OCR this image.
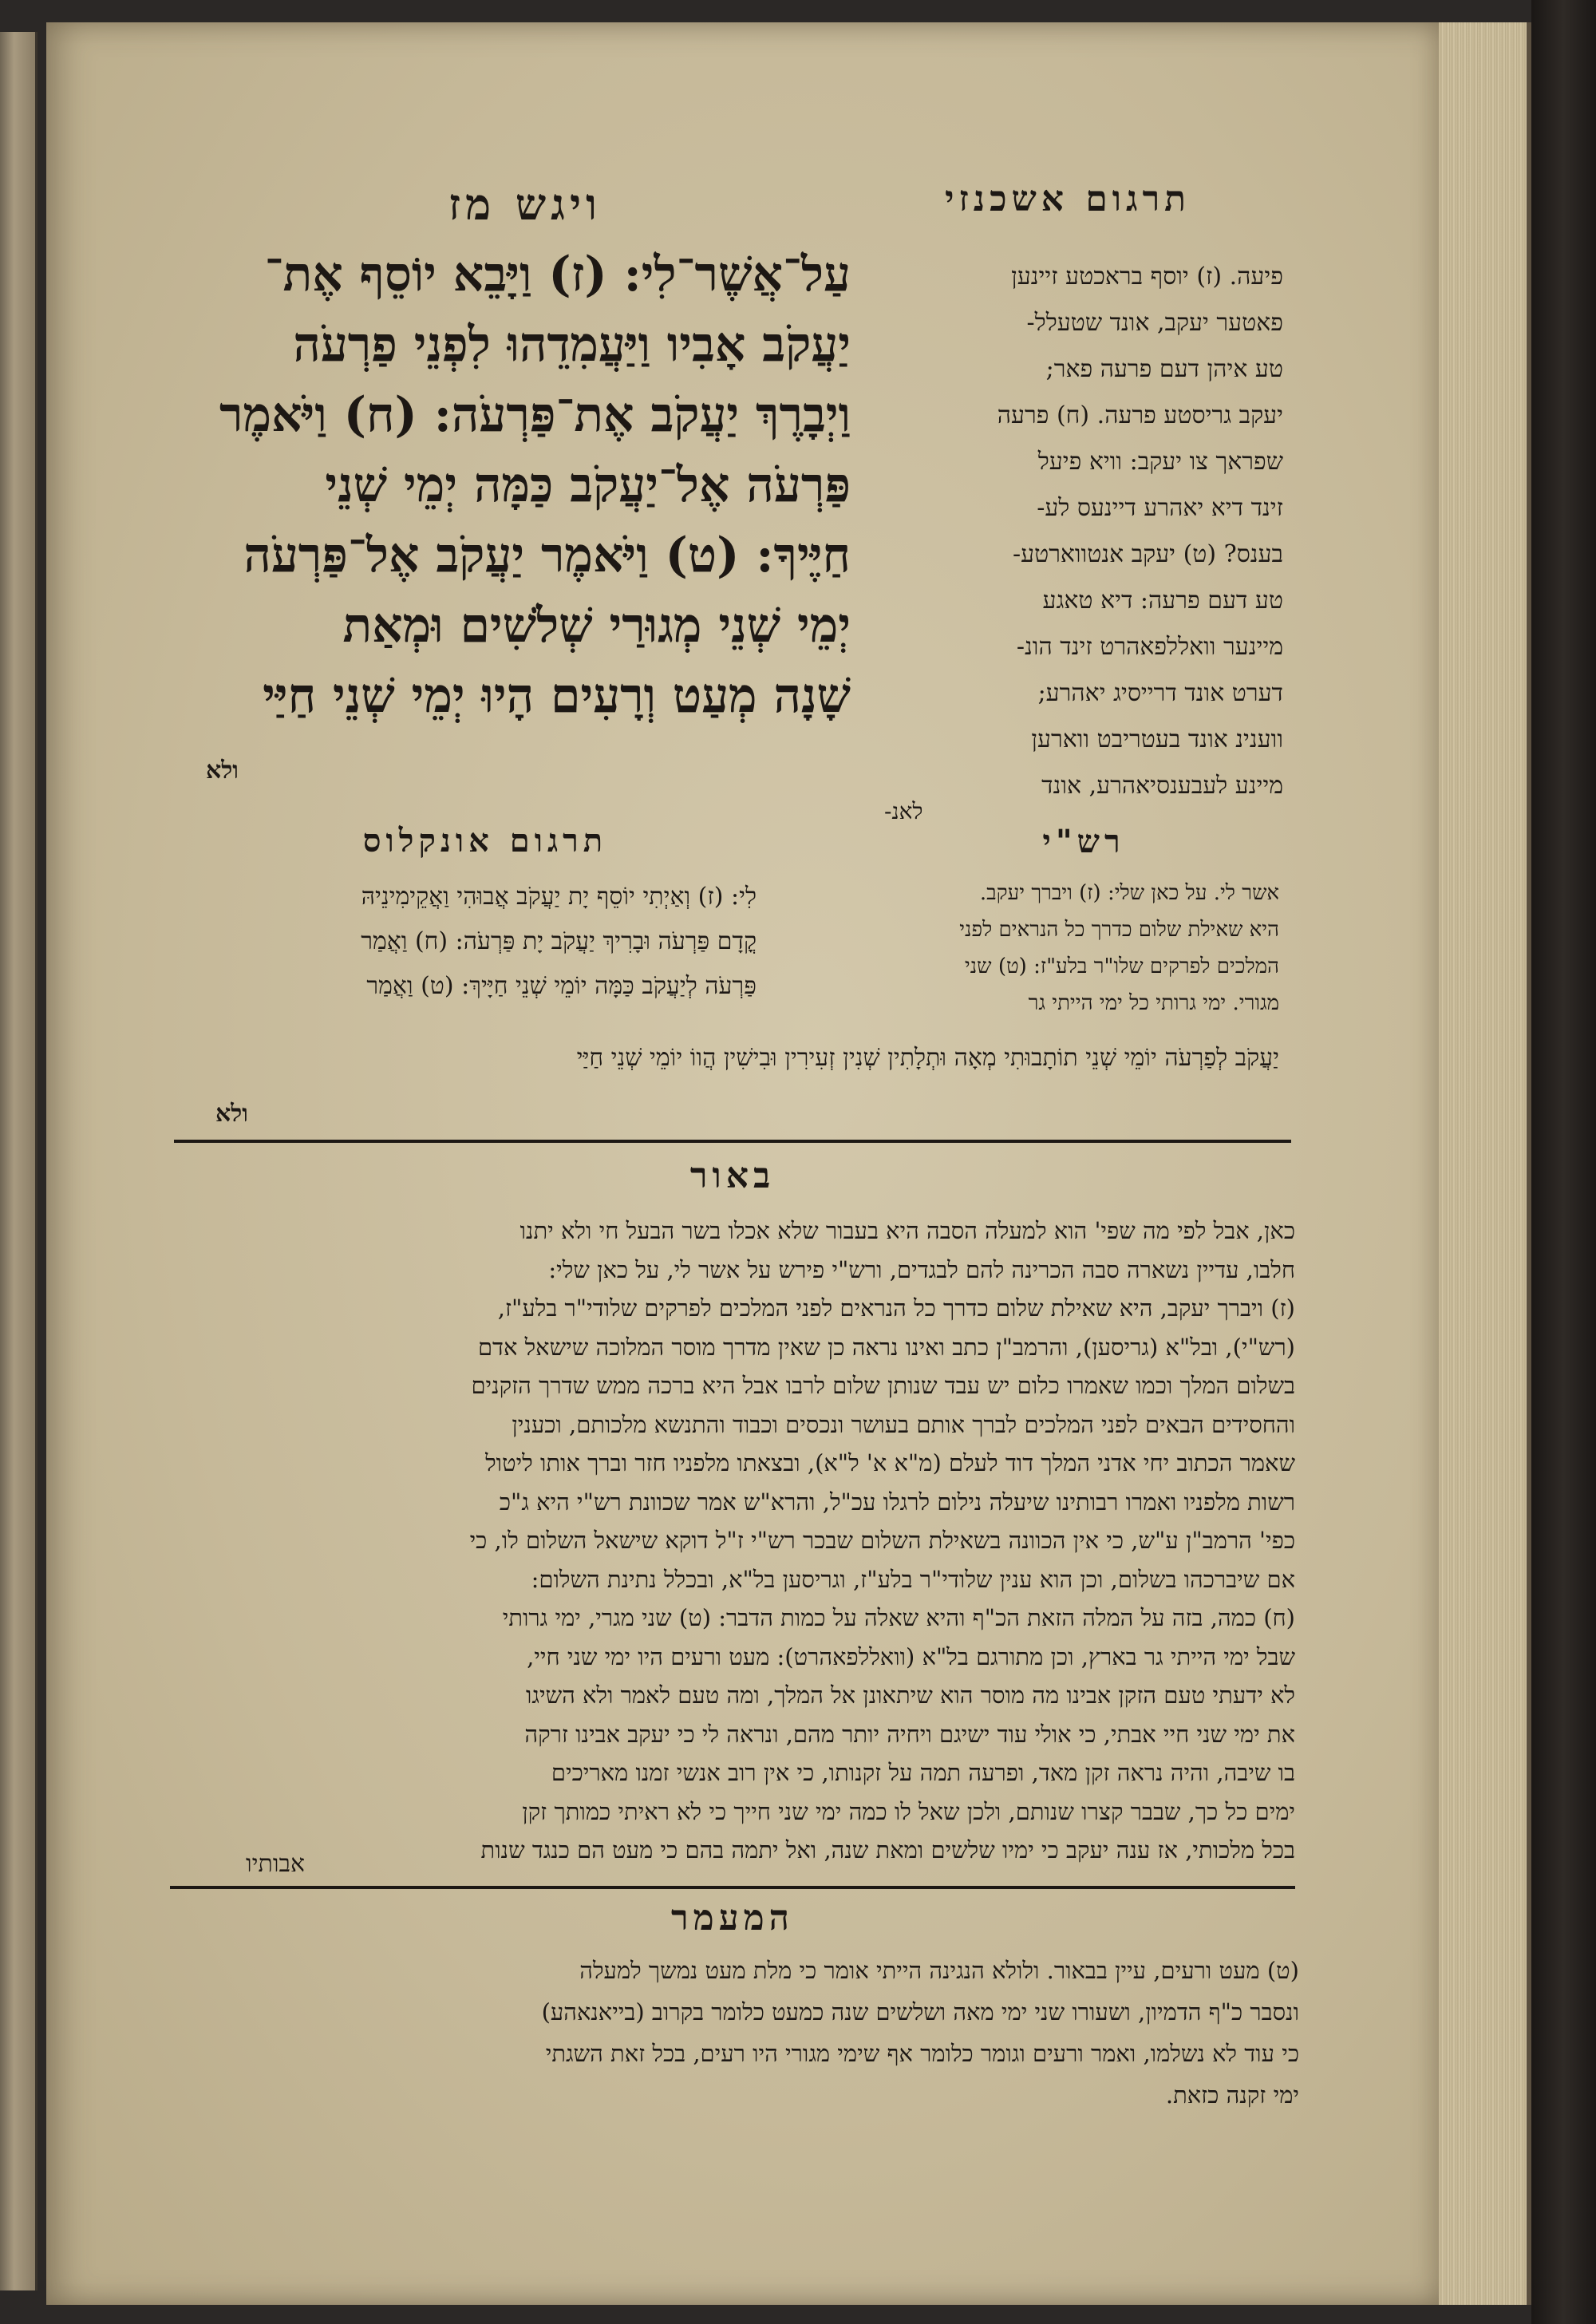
תרגום אשכנזי
ויגש מז
עַל־אֲשֶׁר־לִי: (ז) וַיָּבֵא יוֹסֵף אֶת־
יַעֲקֹב אָבִיו וַיַּעֲמִדֵהוּ לִפְנֵי פַרְעֹה
וַיְבָרֶךְ יַעֲקֹב אֶת־פַּרְעֹה: (ח) וַיֹּאמֶר
פַּרְעֹה אֶל־יַעֲקֹב כַּמָּה יְמֵי שְׁנֵי
חַיֶּיךָ: (ט) וַיֹּאמֶר יַעֲקֹב אֶל־פַּרְעֹה
יְמֵי שְׁנֵי מְגוּרַי שְׁלֹשִׁים וּמְאַת
שָׁנָה מְעַט וְרָעִים הָיוּ יְמֵי שְׁנֵי חַיַּי
ולא
פיעה. (ז) יוסף בראכטע זיינען
פאטער יעקב, אונד שטעלל-
טע איהן דעם פרעה פאר;
יעקב גריסטע פרעה. (ח) פרעה
שפראך צו יעקב: וויא פיעל
זינד דיא יאהרע דיינעס לע-
בענס? (ט) יעקב אנטווארטע-
טע דעם פרעה: דיא טאגע
מיינער וואללפאהרט זינד הונ-
דערט אונד דרייסיג יאהרע;
ווענינ אונד בעטריבט ווארען
מיינע לעבענסיאהרע, אונד
לאנ-
רש"י
אשר לי. על כאן שלי: (ז) ויברך יעקב.
היא שאילת שלום כדרך כל הנראים לפני
המלכים לפרקים שלו"ר בלע"ז: (ט) שני
מגורי. ימי גרותי כל ימי הייתי גר
תרגום אונקלוס
לִי: (ז) וְאַיְתִי יוֹסֵף יָת יַעֲקֹב אֲבוּהִי וַאֲקֵימִינֵיהּ
קֳדָם פַּרְעֹה וּבָרִיךְ יַעֲקֹב יָת פַּרְעֹה: (ח) וַאֲמַר
פַּרְעֹה לְיַעֲקֹב כַּמָּה יוֹמֵי שְׁנֵי חַיָּיךְ: (ט) וַאֲמַר
יַעֲקֹב לְפַרְעֹה יוֹמֵי שְׁנֵי תוֹתָבוּתִי מְאָה וּתְלָתִין שְׁנִין זְעִירִין וּבִישִׁין הֲווֹ יוֹמֵי שְׁנֵי חַיַּי
ולא
באור
כאן, אבל לפי מה שפי' הוא למעלה הסבה היא בעבור שלא אכלו בשר הבעל חי ולא יתנו
חלבו, עדיין נשארה סבה הכרינה להם לבגדים, ורש"י פירש על אשר לי, על כאן שלי:
(ז) ויברך יעקב, היא שאילת שלום כדרך כל הנראים לפני המלכים לפרקים שלודי"ר בלע"ז,
(רש"י), ובל"א (גריסען), והרמב"ן כתב ואינו נראה כן שאין מדרך מוסר המלוכה שישאל אדם
בשלום המלך וכמו שאמרו כלום יש עבד שנותן שלום לרבו אבל היא ברכה ממש שדרך הזקנים
והחסידים הבאים לפני המלכים לברך אותם בעושר ונכסים וכבוד והתנשא מלכותם, וכענין
שאמר הכתוב יחי אדני המלך דוד לעלם (מ"א א' ל"א), ובצאתו מלפניו חזר וברך אותו ליטול
רשות מלפניו ואמרו רבותינו שיעלה נילום לרגלו עכ"ל, והרא"ש אמר שכוונת רש"י היא ג"כ
כפי' הרמב"ן ע"ש, כי אין הכוונה בשאילת השלום שבכר רש"י ז"ל דוקא שישאל השלום לו, כי
אם שיברכהו בשלום, וכן הוא ענין שלודי"ר בלע"ז, וגריסען בל"א, ובכלל נתינת השלום:
(ח) כמה, בזה על המלה הזאת הכ"ף והיא שאלה על כמות הדבר: (ט) שני מגרי, ימי גרותי
שבל ימי הייתי גר בארץ, וכן מתורגם בל"א (וואללפאהרט): מעט ורעים היו ימי שני חיי,
לא ידעתי טעם הזקן אבינו מה מוסר הוא שיתאונן אל המלך, ומה טעם לאמר ולא השיגו
את ימי שני חיי אבתי, כי אולי עוד ישיגם ויחיה יותר מהם, ונראה לי כי יעקב אבינו זרקה
בו שיבה, והיה נראה זקן מאד, ופרעה תמה על זקנותו, כי אין רוב אנשי זמנו מאריכים
ימים כל כך, שבבר קצרו שנותם, ולכן שאל לו כמה ימי שני חייך כי לא ראיתי כמותך זקן
בכל מלכותי, אז ענה יעקב כי ימיו שלשים ומאת שנה, ואל יתמה בהם כי מעט הם כנגד שנות
אבותיו
המעמר
(ט) מעט ורעים, עיין בבאור. ולולא הנגינה הייתי אומר כי מלת מעט נמשך למעלה
ונסבר כ"ף הדמיון, ושעורו שני ימי מאה ושלשים שנה כמעט כלומר בקרוב (בייאנאהע)
כי עוד לא נשלמו, ואמר ורעים וגומר כלומר אף שימי מגורי היו רעים, בכל זאת השגתי
ימי זקנה כזאת.
